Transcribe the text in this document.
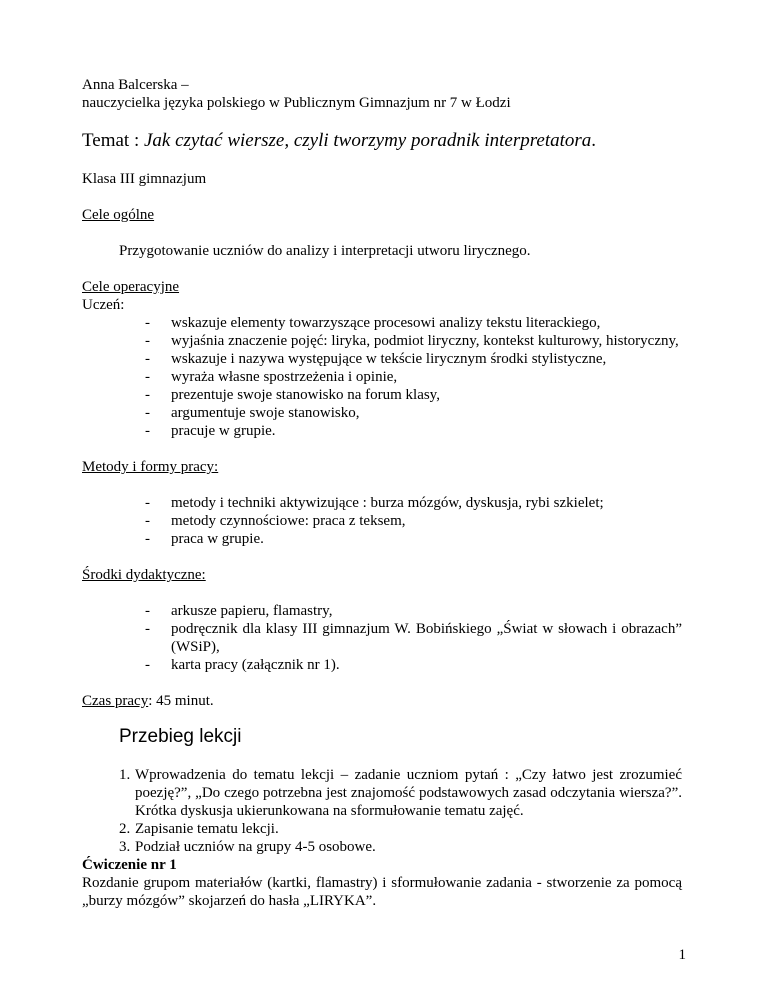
Anna Balcerska –

nauczycielka języka polskiego w Publicznym Gimnazjum nr 7 w Łodzi

Temat : Jak czytać wiersze, czyli tworzymy poradnik interpretatora.

Klasa III gimnazjum

Cele ogólne

Przygotowanie uczniów do analizy i interpretacji utworu lirycznego.

Cele operacyjne

Uczeń:

- wskazuje elementy towarzyszące procesowi analizy tekstu literackiego,
- wyjaśnia znaczenie pojęć: liryka, podmiot liryczny, kontekst kulturowy, historyczny,
- wskazuje i nazywa występujące w tekście lirycznym środki stylistyczne,
- wyraża własne spostrzeżenia i opinie,
- prezentuje swoje stanowisko na forum klasy,
- argumentuje swoje stanowisko,
- pracuje w grupie.

Metody i formy pracy:

- metody i techniki aktywizujące : burza mózgów, dyskusja, rybi szkielet;
- metody czynnościowe: praca z teksem,
- praca w grupie.

Środki dydaktyczne:

- arkusze papieru, flamastry,
- podręcznik dla klasy III gimnazjum W. Bobińskiego „Świat w słowach i obrazach” (WSiP),
- karta pracy (załącznik nr 1).

Czas pracy: 45 minut.

Przebieg lekcji

1. Wprowadzenia do tematu lekcji – zadanie uczniom pytań : „Czy łatwo jest zrozumieć poezję?”, „Do czego potrzebna jest znajomość podstawowych zasad odczytania wiersza?”. Krótka dyskusja ukierunkowana na sformułowanie tematu zajęć.
2. Zapisanie tematu lekcji.
3. Podział uczniów na grupy 4-5 osobowe.

Ćwiczenie nr 1

Rozdanie grupom materiałów (kartki, flamastry) i sformułowanie zadania - stworzenie za pomocą „burzy mózgów” skojarzeń do hasła „LIRYKA”.

1
